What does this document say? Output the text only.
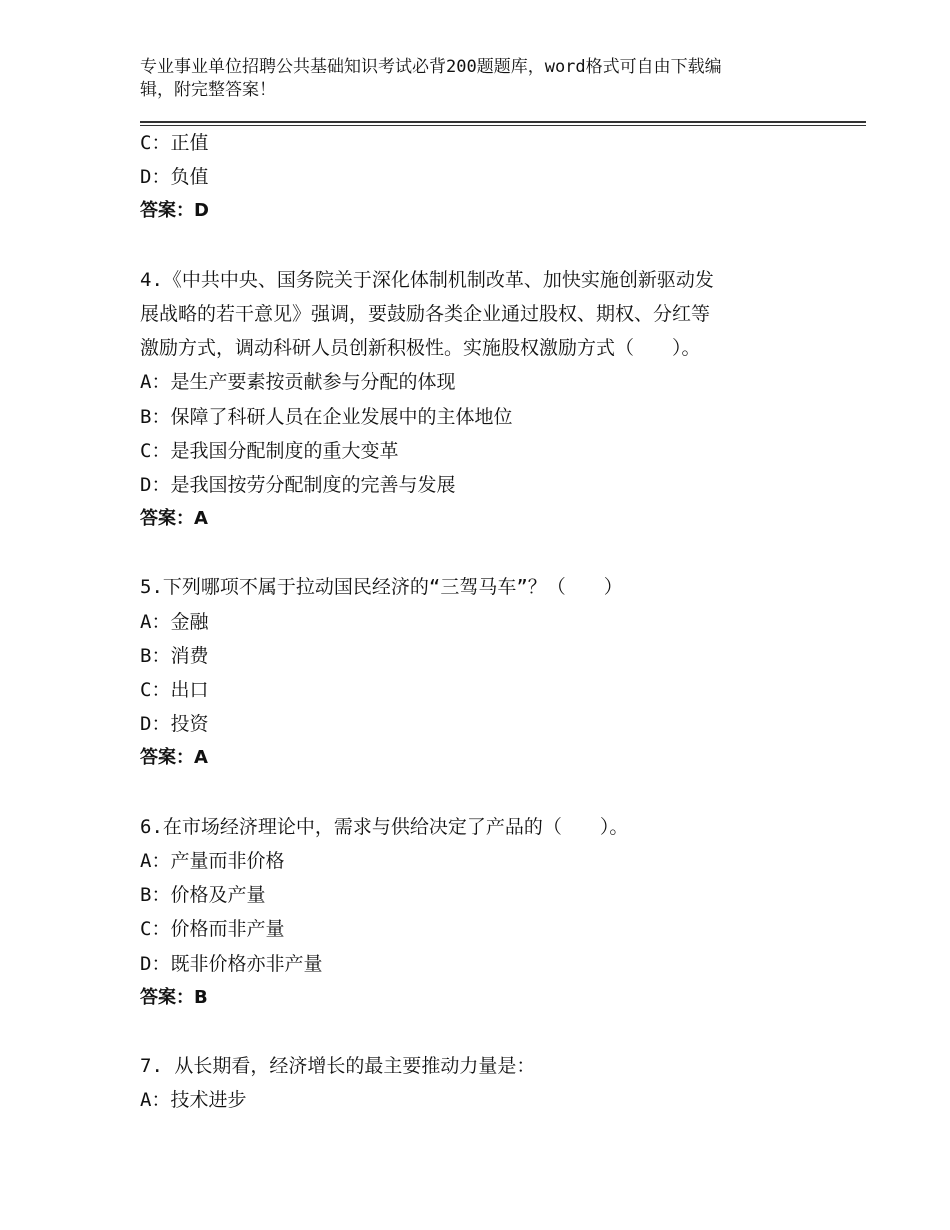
专业事业单位招聘公共基础知识考试必背200题题库，word格式可自由下载编
辑，附完整答案！
C：正值
D：负值
答案：D
4.《中共中央、国务院关于深化体制机制改革、加快实施创新驱动发
展战略的若干意见》强调，要鼓励各类企业通过股权、期权、分红等
激励方式，调动科研人员创新积极性。实施股权激励方式（　　）。
A：是生产要素按贡献参与分配的体现
B：保障了科研人员在企业发展中的主体地位
C：是我国分配制度的重大变革
D：是我国按劳分配制度的完善与发展
答案：A
5.下列哪项不属于拉动国民经济的“三驾马车”？（　　）
A：金融
B：消费
C：出口
D：投资
答案：A
6.在市场经济理论中，需求与供给决定了产品的（　　）。
A：产量而非价格
B：价格及产量
C：价格而非产量
D：既非价格亦非产量
答案：B
7. 从长期看，经济增长的最主要推动力量是：
A：技术进步
